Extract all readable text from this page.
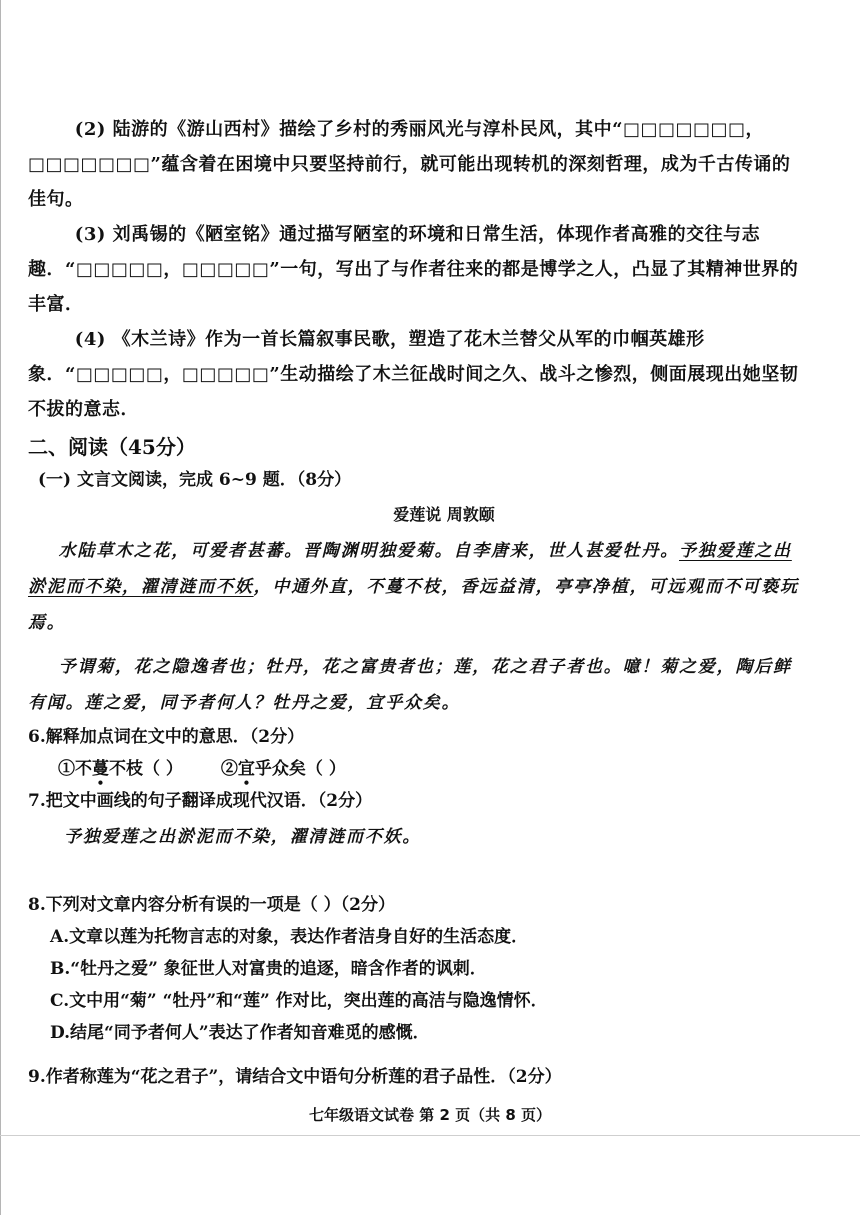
(2) 陆游的《游山西村》描绘了乡村的秀丽风光与淳朴民风，其中“□□□□□□□，□□□□□□□”蕴含着在困境中只要坚持前行，就可能出现转机的深刻哲理，成为千古传诵的佳句。

(3) 刘禹锡的《陋室铭》通过描写陋室的环境和日常生活，体现作者高雅的交往与志趣．“□□□□□，□□□□□”一句，写出了与作者往来的都是博学之人，凸显了其精神世界的丰富．

(4) 《木兰诗》作为一首长篇叙事民歌，塑造了花木兰替父从军的巾帼英雄形象．“□□□□□，□□□□□”生动描绘了木兰征战时间之久、战斗之惨烈，侧面展现出她坚韧不拔的意志．

二、阅读（45分）

(一) 文言文阅读，完成 6~9 题．（8分）

爱莲说 周敦颐

水陆草木之花，可爱者甚蕃。晋陶渊明独爱菊。自李唐来，世人甚爱牡丹。予独爱莲之出淤泥而不染，濯清涟而不妖，中通外直，不蔓不枝，香远益清，亭亭净植，可远观而不可亵玩焉。

予谓菊，花之隐逸者也；牡丹，花之富贵者也；莲，花之君子者也。噫！菊之爱，陶后鲜有闻。莲之爱，同予者何人？牡丹之爱，宜乎众矣。

6.解释加点词在文中的意思．（2分）

①不蔓不枝（ ） ②宜乎众矣（ ）

7.把文中画线的句子翻译成现代汉语．（2分）

予独爱莲之出淤泥而不染，濯清涟而不妖。

8.下列对文章内容分析有误的一项是（ ）（2分）

A.文章以莲为托物言志的对象，表达作者洁身自好的生活态度．

B.“牡丹之爱” 象征世人对富贵的追逐，暗含作者的讽刺．

C.文中用“菊” “牡丹”和“莲” 作对比，突出莲的高洁与隐逸情怀．

D.结尾“同予者何人”表达了作者知音难觅的感慨．

9.作者称莲为“花之君子”，请结合文中语句分析莲的君子品性．（2分）

七年级语文试卷 第 2 页（共 8 页）
